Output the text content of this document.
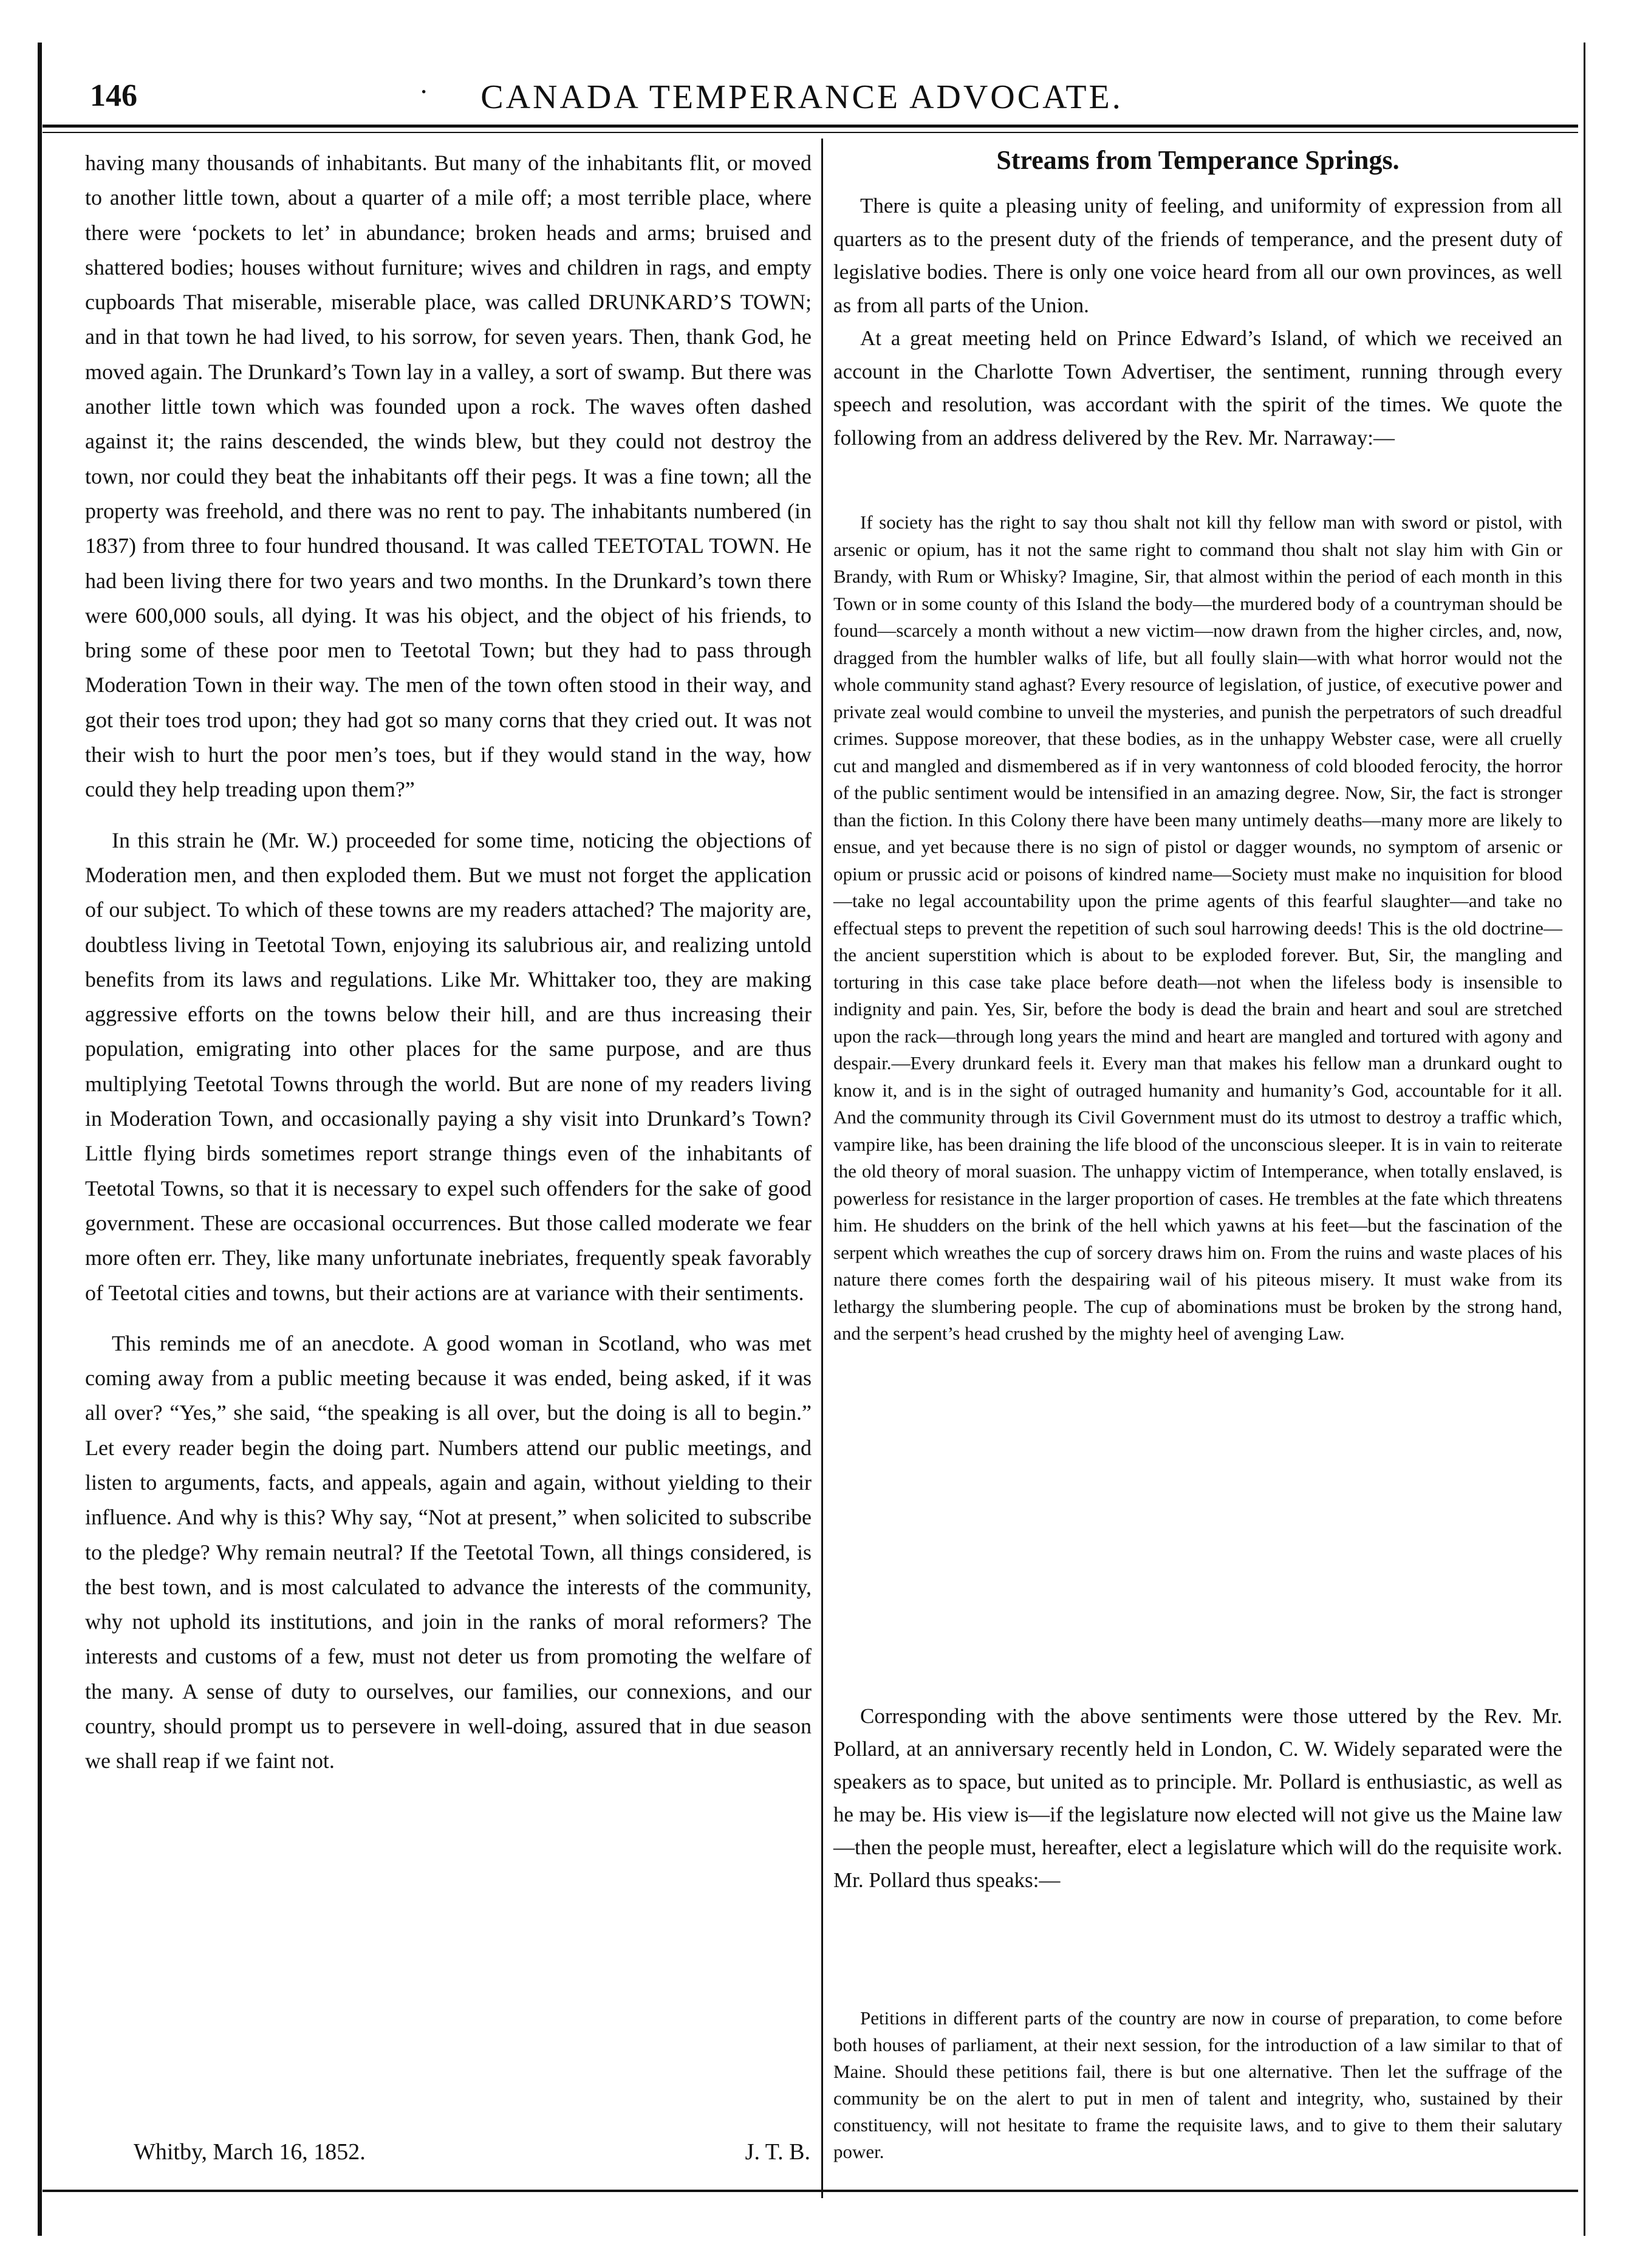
146	·	CANADA TEMPERANCE ADVOCATE.

having many thousands of inhabitants. But many of the inhabitants flit, or moved to another little town, about a quarter of a mile off; a most terrible place, where there were ‘pockets to let’ in abundance; broken heads and arms; bruised and shattered bodies; houses without furniture; wives and children in rags, and empty cupboards That miserable, miserable place, was called DRUNKARD’S TOWN; and in that town he had lived, to his sorrow, for seven years. Then, thank God, he moved again. The Drunkard’s Town lay in a valley, a sort of swamp. But there was another little town which was founded upon a rock. The waves often dashed against it; the rains descended, the winds blew, but they could not destroy the town, nor could they beat the inhabitants off their pegs. It was a fine town; all the property was freehold, and there was no rent to pay. The inhabitants numbered (in 1837) from three to four hundred thousand. It was called TEETOTAL TOWN. He had been living there for two years and two months. In the Drunkard’s town there were 600,000 souls, all dying. It was his object, and the object of his friends, to bring some of these poor men to Teetotal Town; but they had to pass through Moderation Town in their way. The men of the town often stood in their way, and got their toes trod upon; they had got so many corns that they cried out. It was not their wish to hurt the poor men’s toes, but if they would stand in the way, how could they help treading upon them?”

In this strain he (Mr. W.) proceeded for some time, noticing the objections of Moderation men, and then exploded them. But we must not forget the application of our subject. To which of these towns are my readers attached? The majority are, doubtless living in Teetotal Town, enjoying its salubrious air, and realizing untold benefits from its laws and regulations. Like Mr. Whittaker too, they are making aggressive efforts on the towns below their hill, and are thus increasing their population, emigrating into other places for the same purpose, and are thus multiplying Teetotal Towns through the world. But are none of my readers living in Moderation Town, and occasionally paying a shy visit into Drunkard’s Town? Little flying birds sometimes report strange things even of the inhabitants of Teetotal Towns, so that it is necessary to expel such offenders for the sake of good government. These are occasional occurrences. But those called moderate we fear more often err. They, like many unfortunate inebriates, frequently speak favorably of Teetotal cities and towns, but their actions are at variance with their sentiments.

This reminds me of an anecdote. A good woman in Scotland, who was met coming away from a public meeting because it was ended, being asked, if it was all over? “Yes,” she said, “the speaking is all over, but the doing is all to begin.” Let every reader begin the doing part. Numbers attend our public meetings, and listen to arguments, facts, and appeals, again and again, without yielding to their influence. And why is this? Why say, “Not at present,” when solicited to subscribe to the pledge? Why remain neutral? If the Teetotal Town, all things considered, is the best town, and is most calculated to advance the interests of the community, why not uphold its institutions, and join in the ranks of moral reformers? The interests and customs of a few, must not deter us from promoting the welfare of the many. A sense of duty to ourselves, our families, our connexions, and our country, should prompt us to persevere in well-doing, assured that in due season we shall reap if we faint not.

Whitby, March 16, 1852.	J. T. B.
Streams from Temperance Springs.

There is quite a pleasing unity of feeling, and uniformity of expression from all quarters as to the present duty of the friends of temperance, and the present duty of legislative bodies. There is only one voice heard from all our own provinces, as well as from all parts of the Union.

At a great meeting held on Prince Edward’s Island, of which we received an account in the Charlotte Town Advertiser, the sentiment, running through every speech and resolution, was accordant with the spirit of the times. We quote the following from an address delivered by the Rev. Mr. Narraway:—

If society has the right to say thou shalt not kill thy fellow man with sword or pistol, with arsenic or opium, has it not the same right to command thou shalt not slay him with Gin or Brandy, with Rum or Whisky? Imagine, Sir, that almost within the period of each month in this Town or in some county of this Island the body—the murdered body of a countryman should be found—scarcely a month without a new victim—now drawn from the higher circles, and, now, dragged from the humbler walks of life, but all foully slain—with what horror would not the whole community stand aghast? Every resource of legislation, of justice, of executive power and private zeal would combine to unveil the mysteries, and punish the perpetrators of such dreadful crimes. Suppose moreover, that these bodies, as in the unhappy Webster case, were all cruelly cut and mangled and dismembered as if in very wantonness of cold blooded ferocity, the horror of the public sentiment would be intensified in an amazing degree. Now, Sir, the fact is stronger than the fiction. In this Colony there have been many untimely deaths—many more are likely to ensue, and yet because there is no sign of pistol or dagger wounds, no symptom of arsenic or opium or prussic acid or poisons of kindred name—Society must make no inquisition for blood—take no legal accountability upon the prime agents of this fearful slaughter—and take no effectual steps to prevent the repetition of such soul harrowing deeds! This is the old doctrine—the ancient superstition which is about to be exploded forever. But, Sir, the mangling and torturing in this case take place before death—not when the lifeless body is insensible to indignity and pain. Yes, Sir, before the body is dead the brain and heart and soul are stretched upon the rack—through long years the mind and heart are mangled and tortured with agony and despair.—Every drunkard feels it. Every man that makes his fellow man a drunkard ought to know it, and is in the sight of outraged humanity and humanity’s God, accountable for it all. And the community through its Civil Government must do its utmost to destroy a traffic which, vampire like, has been draining the life blood of the unconscious sleeper. It is in vain to reiterate the old theory of moral suasion. The unhappy victim of Intemperance, when totally enslaved, is powerless for resistance in the larger proportion of cases. He trembles at the fate which threatens him. He shudders on the brink of the hell which yawns at his feet—but the fascination of the serpent which wreathes the cup of sorcery draws him on. From the ruins and waste places of his nature there comes forth the despairing wail of his piteous misery. It must wake from its lethargy the slumbering people. The cup of abominations must be broken by the strong hand, and the serpent’s head crushed by the mighty heel of avenging Law.

Corresponding with the above sentiments were those uttered by the Rev. Mr. Pollard, at an anniversary recently held in London, C. W. Widely separated were the speakers as to space, but united as to principle. Mr. Pollard is enthusiastic, as well as he may be. His view is—if the legislature now elected will not give us the Maine law—then the people must, hereafter, elect a legislature which will do the requisite work. Mr. Pollard thus speaks:—

Petitions in different parts of the country are now in course of preparation, to come before both houses of parliament, at their next session, for the introduction of a law similar to that of Maine. Should these petitions fail, there is but one alternative. Then let the suffrage of the community be on the alert to put in men of talent and integrity, who, sustained by their constituency, will not hesitate to frame the requisite laws, and to give to them their salutary power.
